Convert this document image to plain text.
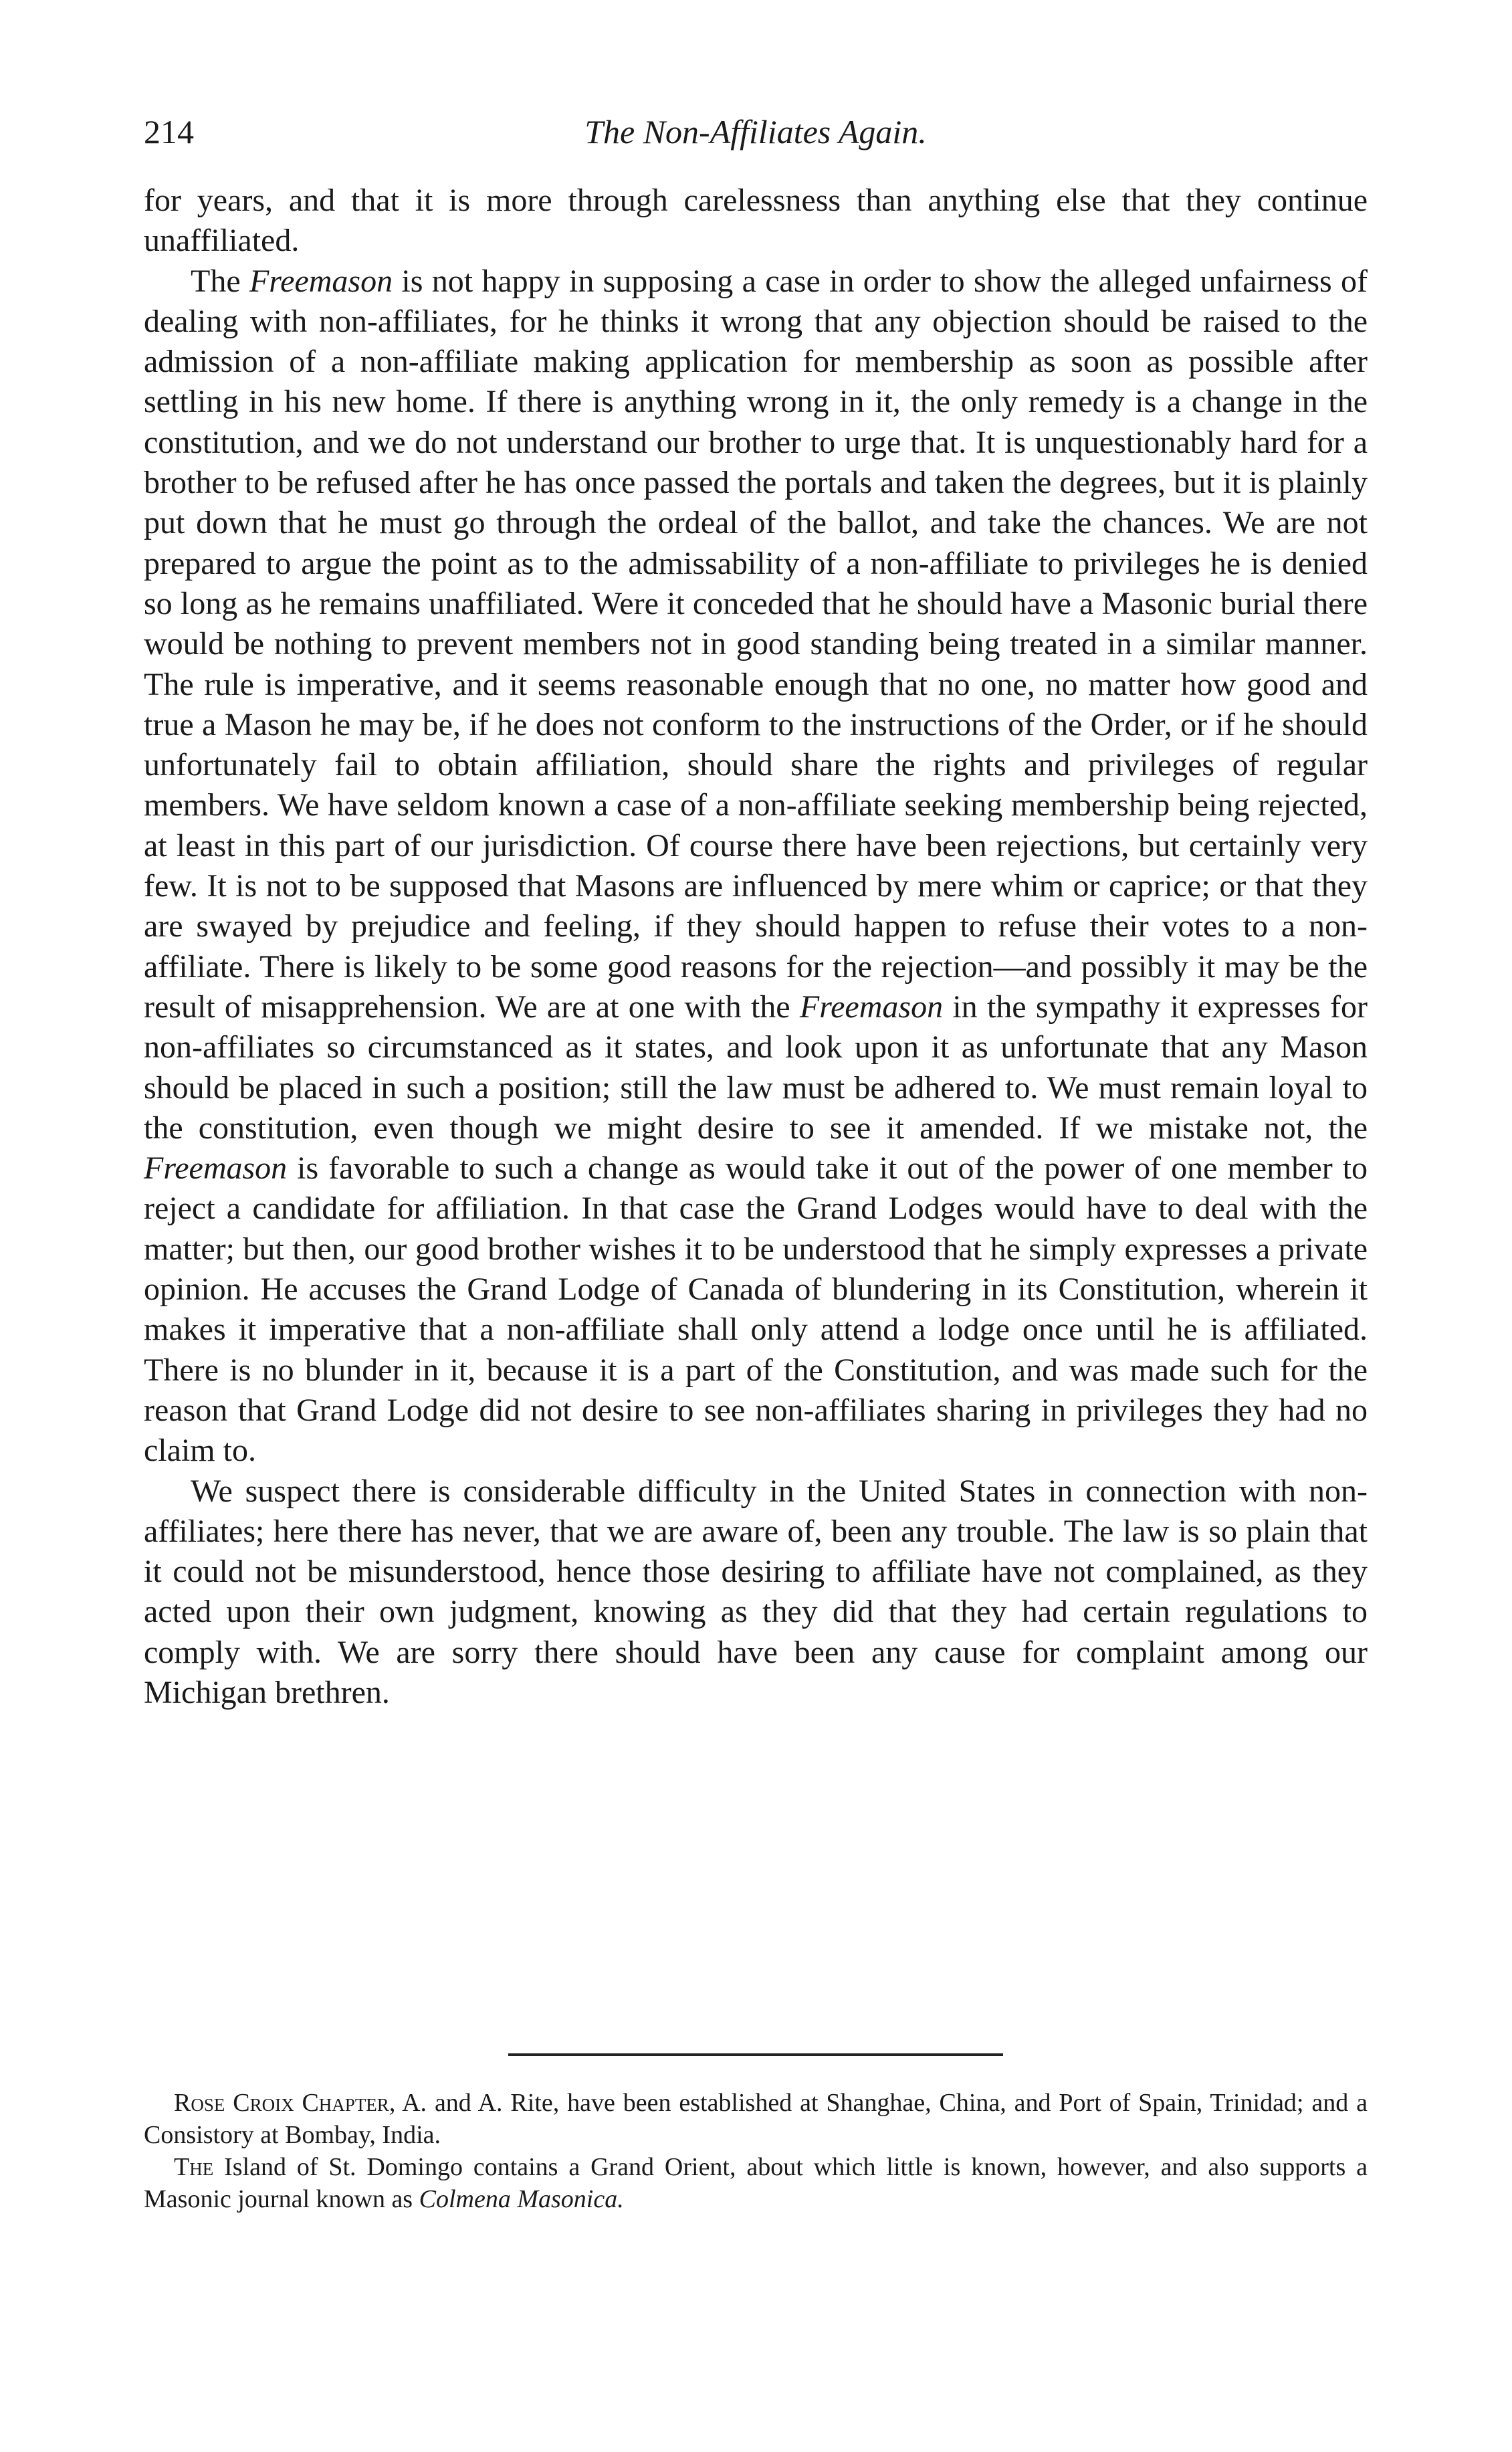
214	The Non-Affiliates Again.

for years, and that it is more through carelessness than anything else that they continue unaffiliated.

The Freemason is not happy in supposing a case in order to show the alleged unfairness of dealing with non-affiliates, for he thinks it wrong that any objection should be raised to the admission of a non-affiliate making application for membership as soon as possible after settling in his new home. If there is anything wrong in it, the only remedy is a change in the constitution, and we do not understand our brother to urge that. It is unquestionably hard for a brother to be refused after he has once passed the portals and taken the degrees, but it is plainly put down that he must go through the ordeal of the ballot, and take the chances. We are not prepared to argue the point as to the admissability of a non-affiliate to privileges he is denied so long as he remains unaffiliated. Were it conceded that he should have a Masonic burial there would be nothing to prevent members not in good standing being treated in a similar manner. The rule is imperative, and it seems reasonable enough that no one, no matter how good and true a Mason he may be, if he does not conform to the instructions of the Order, or if he should unfortunately fail to obtain affiliation, should share the rights and privileges of regular members. We have seldom known a case of a non-affiliate seeking membership being rejected, at least in this part of our jurisdiction. Of course there have been rejections, but certainly very few. It is not to be supposed that Masons are influenced by mere whim or caprice; or that they are swayed by prejudice and feeling, if they should happen to refuse their votes to a non-affiliate. There is likely to be some good reasons for the rejection—and possibly it may be the result of misapprehension. We are at one with the Freemason in the sympathy it expresses for non-affiliates so circumstanced as it states, and look upon it as unfortunate that any Mason should be placed in such a position; still the law must be adhered to. We must remain loyal to the constitution, even though we might desire to see it amended. If we mistake not, the Freemason is favorable to such a change as would take it out of the power of one member to reject a candidate for affiliation. In that case the Grand Lodges would have to deal with the matter; but then, our good brother wishes it to be understood that he simply expresses a private opinion. He accuses the Grand Lodge of Canada of blundering in its Constitution, wherein it makes it imperative that a non-affiliate shall only attend a lodge once until he is affiliated. There is no blunder in it, because it is a part of the Constitution, and was made such for the reason that Grand Lodge did not desire to see non-affiliates sharing in privileges they had no claim to.

We suspect there is considerable difficulty in the United States in connection with non-affiliates; here there has never, that we are aware of, been any trouble. The law is so plain that it could not be misunderstood, hence those desiring to affiliate have not complained, as they acted upon their own judgment, knowing as they did that they had certain regulations to comply with. We are sorry there should have been any cause for complaint among our Michigan brethren.

Rose Croix Chapter, A. and A. Rite, have been established at Shanghae, China, and Port of Spain, Trinidad; and a Consistory at Bombay, India.

The Island of St. Domingo contains a Grand Orient, about which little is known, however, and also supports a Masonic journal known as Colmena Masonica.
